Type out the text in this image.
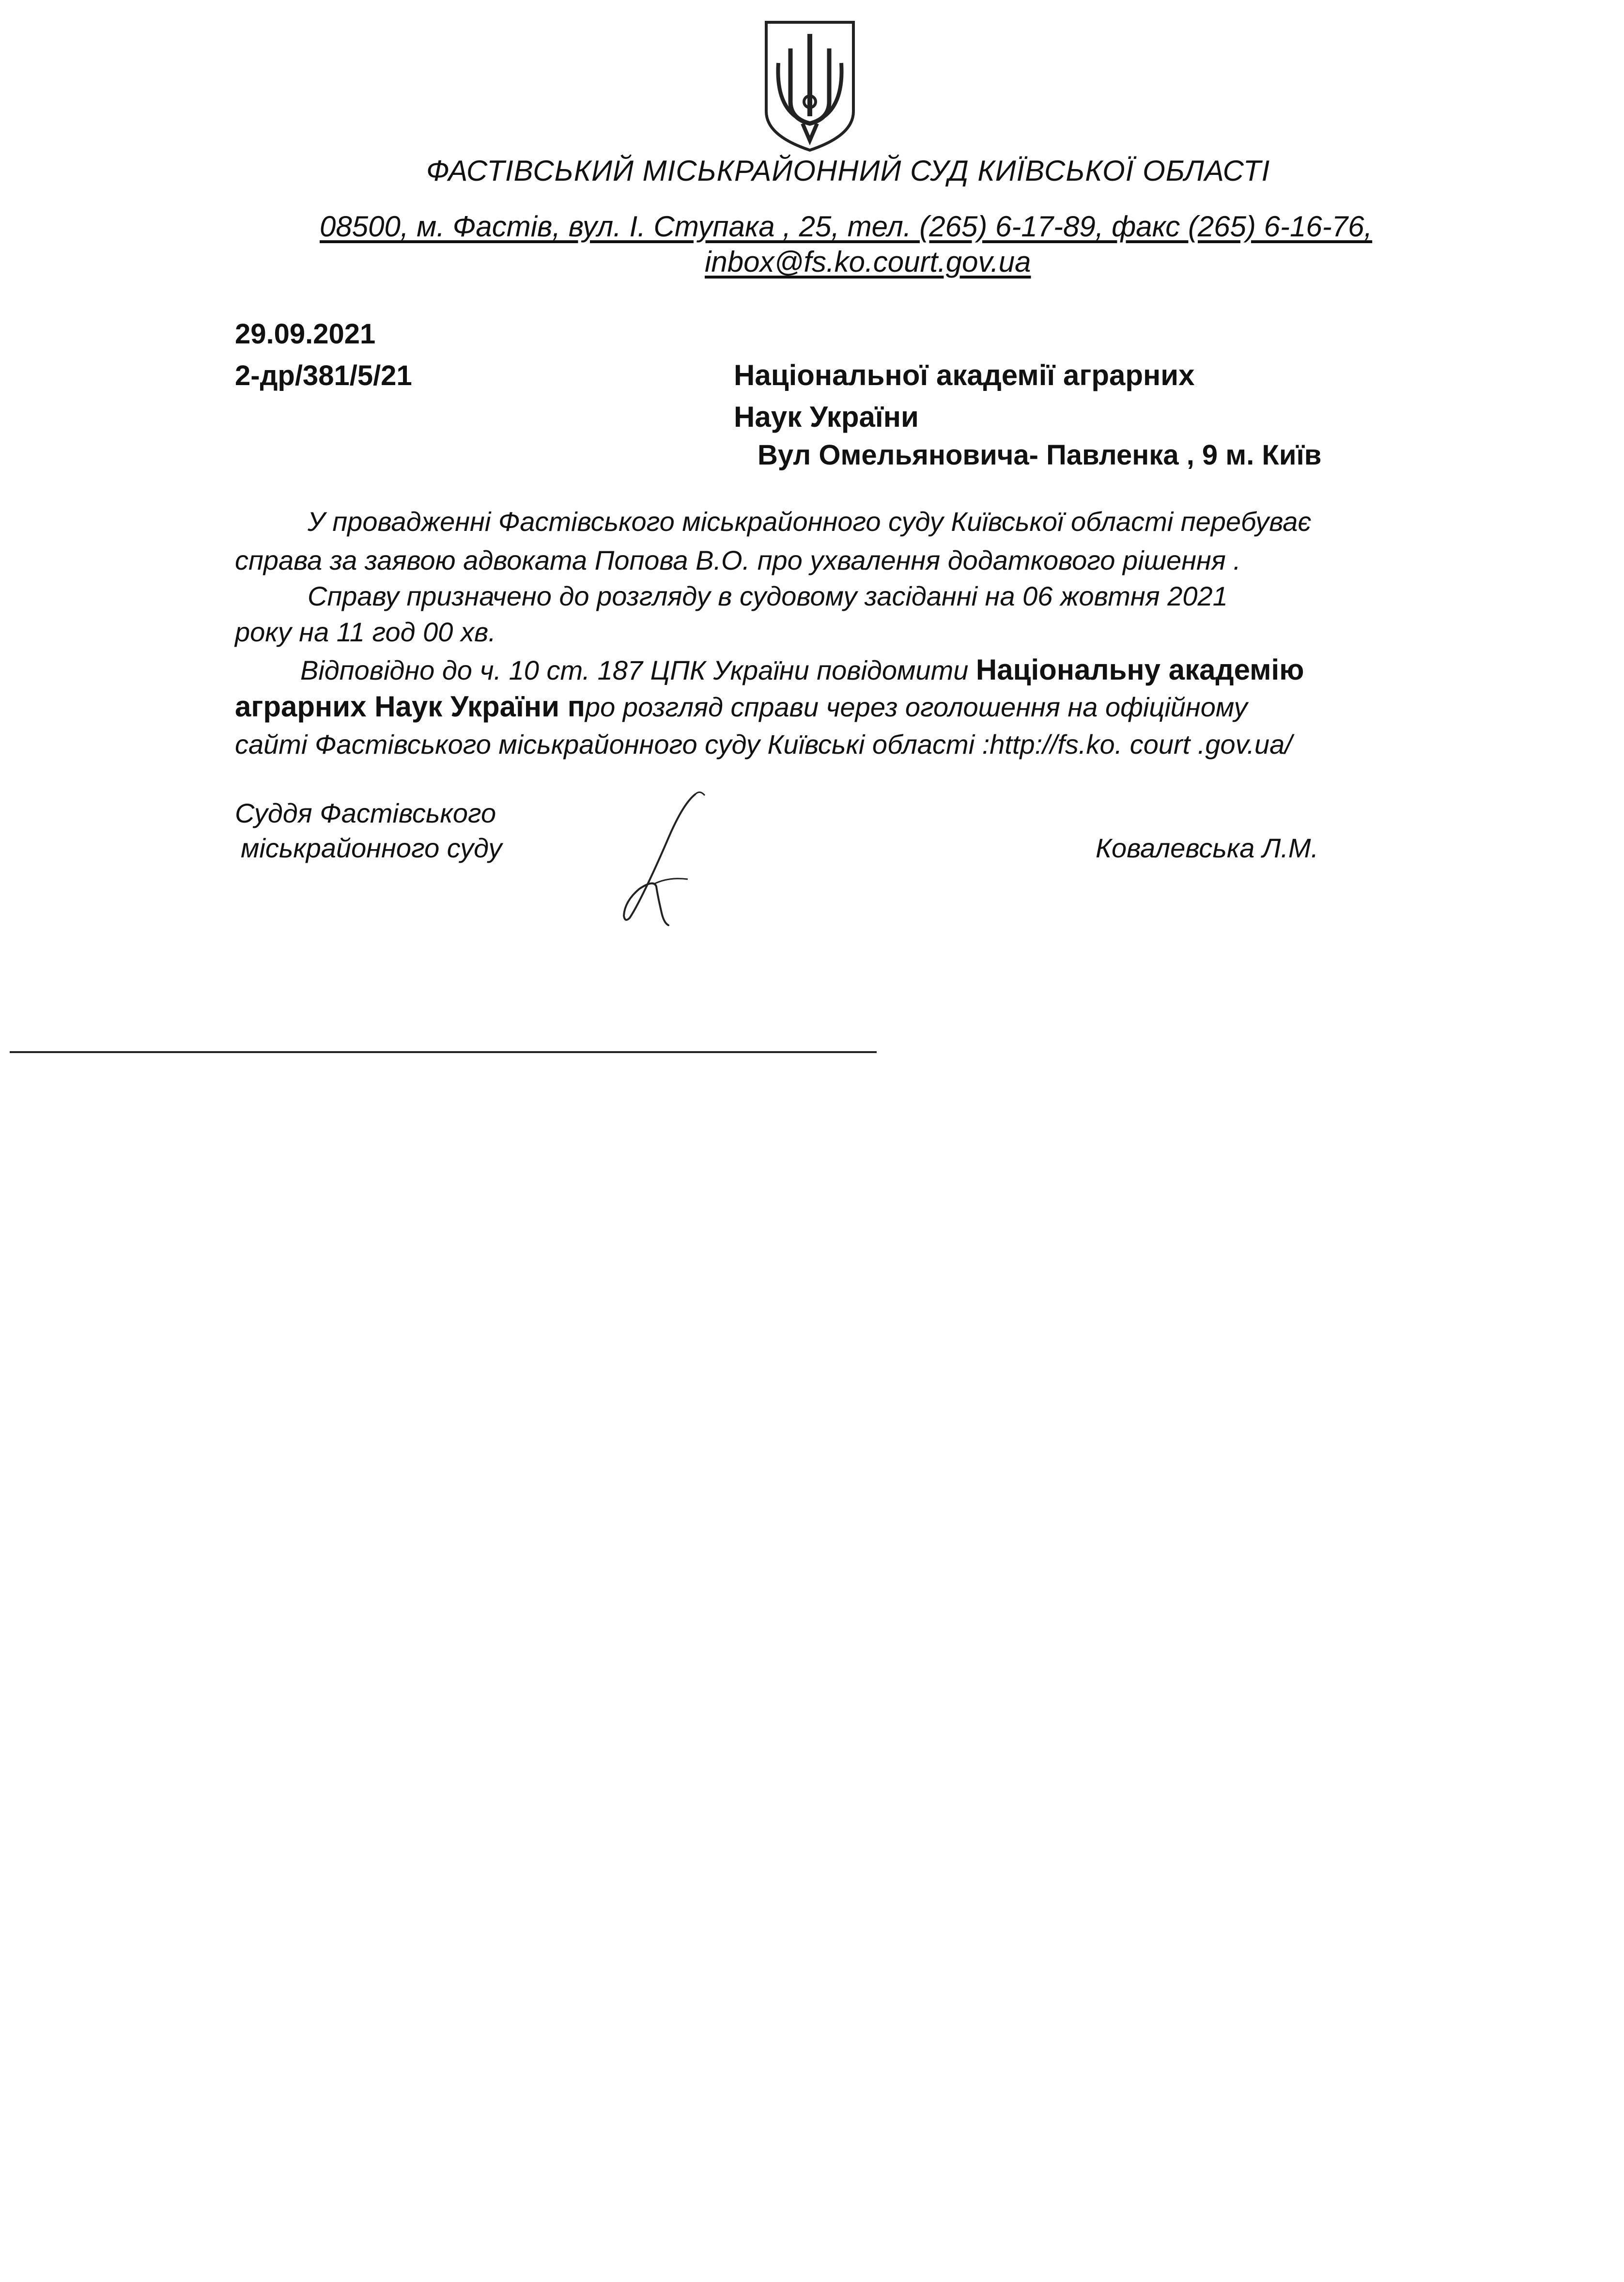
ФАСТІВСЬКИЙ МІСЬКРАЙОННИЙ СУД КИЇВСЬКОЇ ОБЛАСТІ
08500, м. Фастів, вул. І. Ступака , 25, тел. (265) 6-17-89, факс (265) 6-16-76,
inbox@fs.ko.court.gov.ua
29.09.2021
2-др/381/5/21	Національної академії аграрних
Наук України
Вул Омельяновича- Павленка , 9 м. Київ
У провадженні Фастівського міськрайонного суду Київської області перебуває
справа за заявою адвоката Попова В.О. про ухвалення додаткового рішення .
Справу призначено до розгляду в судовому засіданні на 06 жовтня 2021
року на 11 год 00 хв.
Відповідно до ч. 10 ст. 187 ЦПК України повідомити Національну академію
аграрних Наук України про розгляд справи через оголошення на офіційному
сайті Фастівського міськрайонного суду Київські області :http://fs.ko. court .gov.ua/
Суддя Фастівського
міськрайонного суду	Ковалевська Л.М.
